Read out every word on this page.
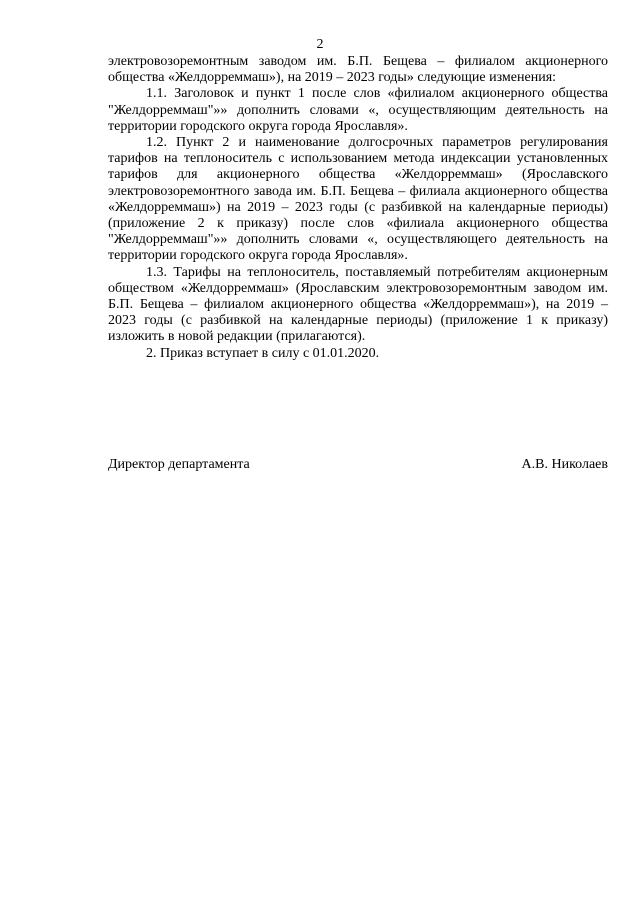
2

электровозоремонтным заводом им. Б.П. Бещева – филиалом акционерного общества «Желдорреммаш»), на 2019 – 2023 годы» следующие изменения:

1.1. Заголовок и пункт 1 после слов «филиалом акционерного общества "Желдорреммаш"»» дополнить словами «, осуществляющим деятельность на территории городского округа города Ярославля».

1.2. Пункт 2 и наименование долгосрочных параметров регулирования тарифов на теплоноситель с использованием метода индексации установленных тарифов для акционерного общества «Желдорреммаш» (Ярославского электровозоремонтного завода им. Б.П. Бещева – филиала акционерного общества «Желдорреммаш») на 2019 – 2023 годы (с разбивкой на календарные периоды) (приложение 2 к приказу) после слов «филиала акционерного общества "Желдорреммаш"»» дополнить словами «, осуществляющего деятельность на территории городского округа города Ярославля».

1.3. Тарифы на теплоноситель, поставляемый потребителям акционерным обществом «Желдорреммаш» (Ярославским электровозоремонтным заводом им. Б.П. Бещева – филиалом акционерного общества «Желдорреммаш»), на 2019 – 2023 годы (с разбивкой на календарные периоды) (приложение 1 к приказу) изложить в новой редакции (прилагаются).

2. Приказ вступает в силу с 01.01.2020.

Директор департамента	А.В. Николаев
